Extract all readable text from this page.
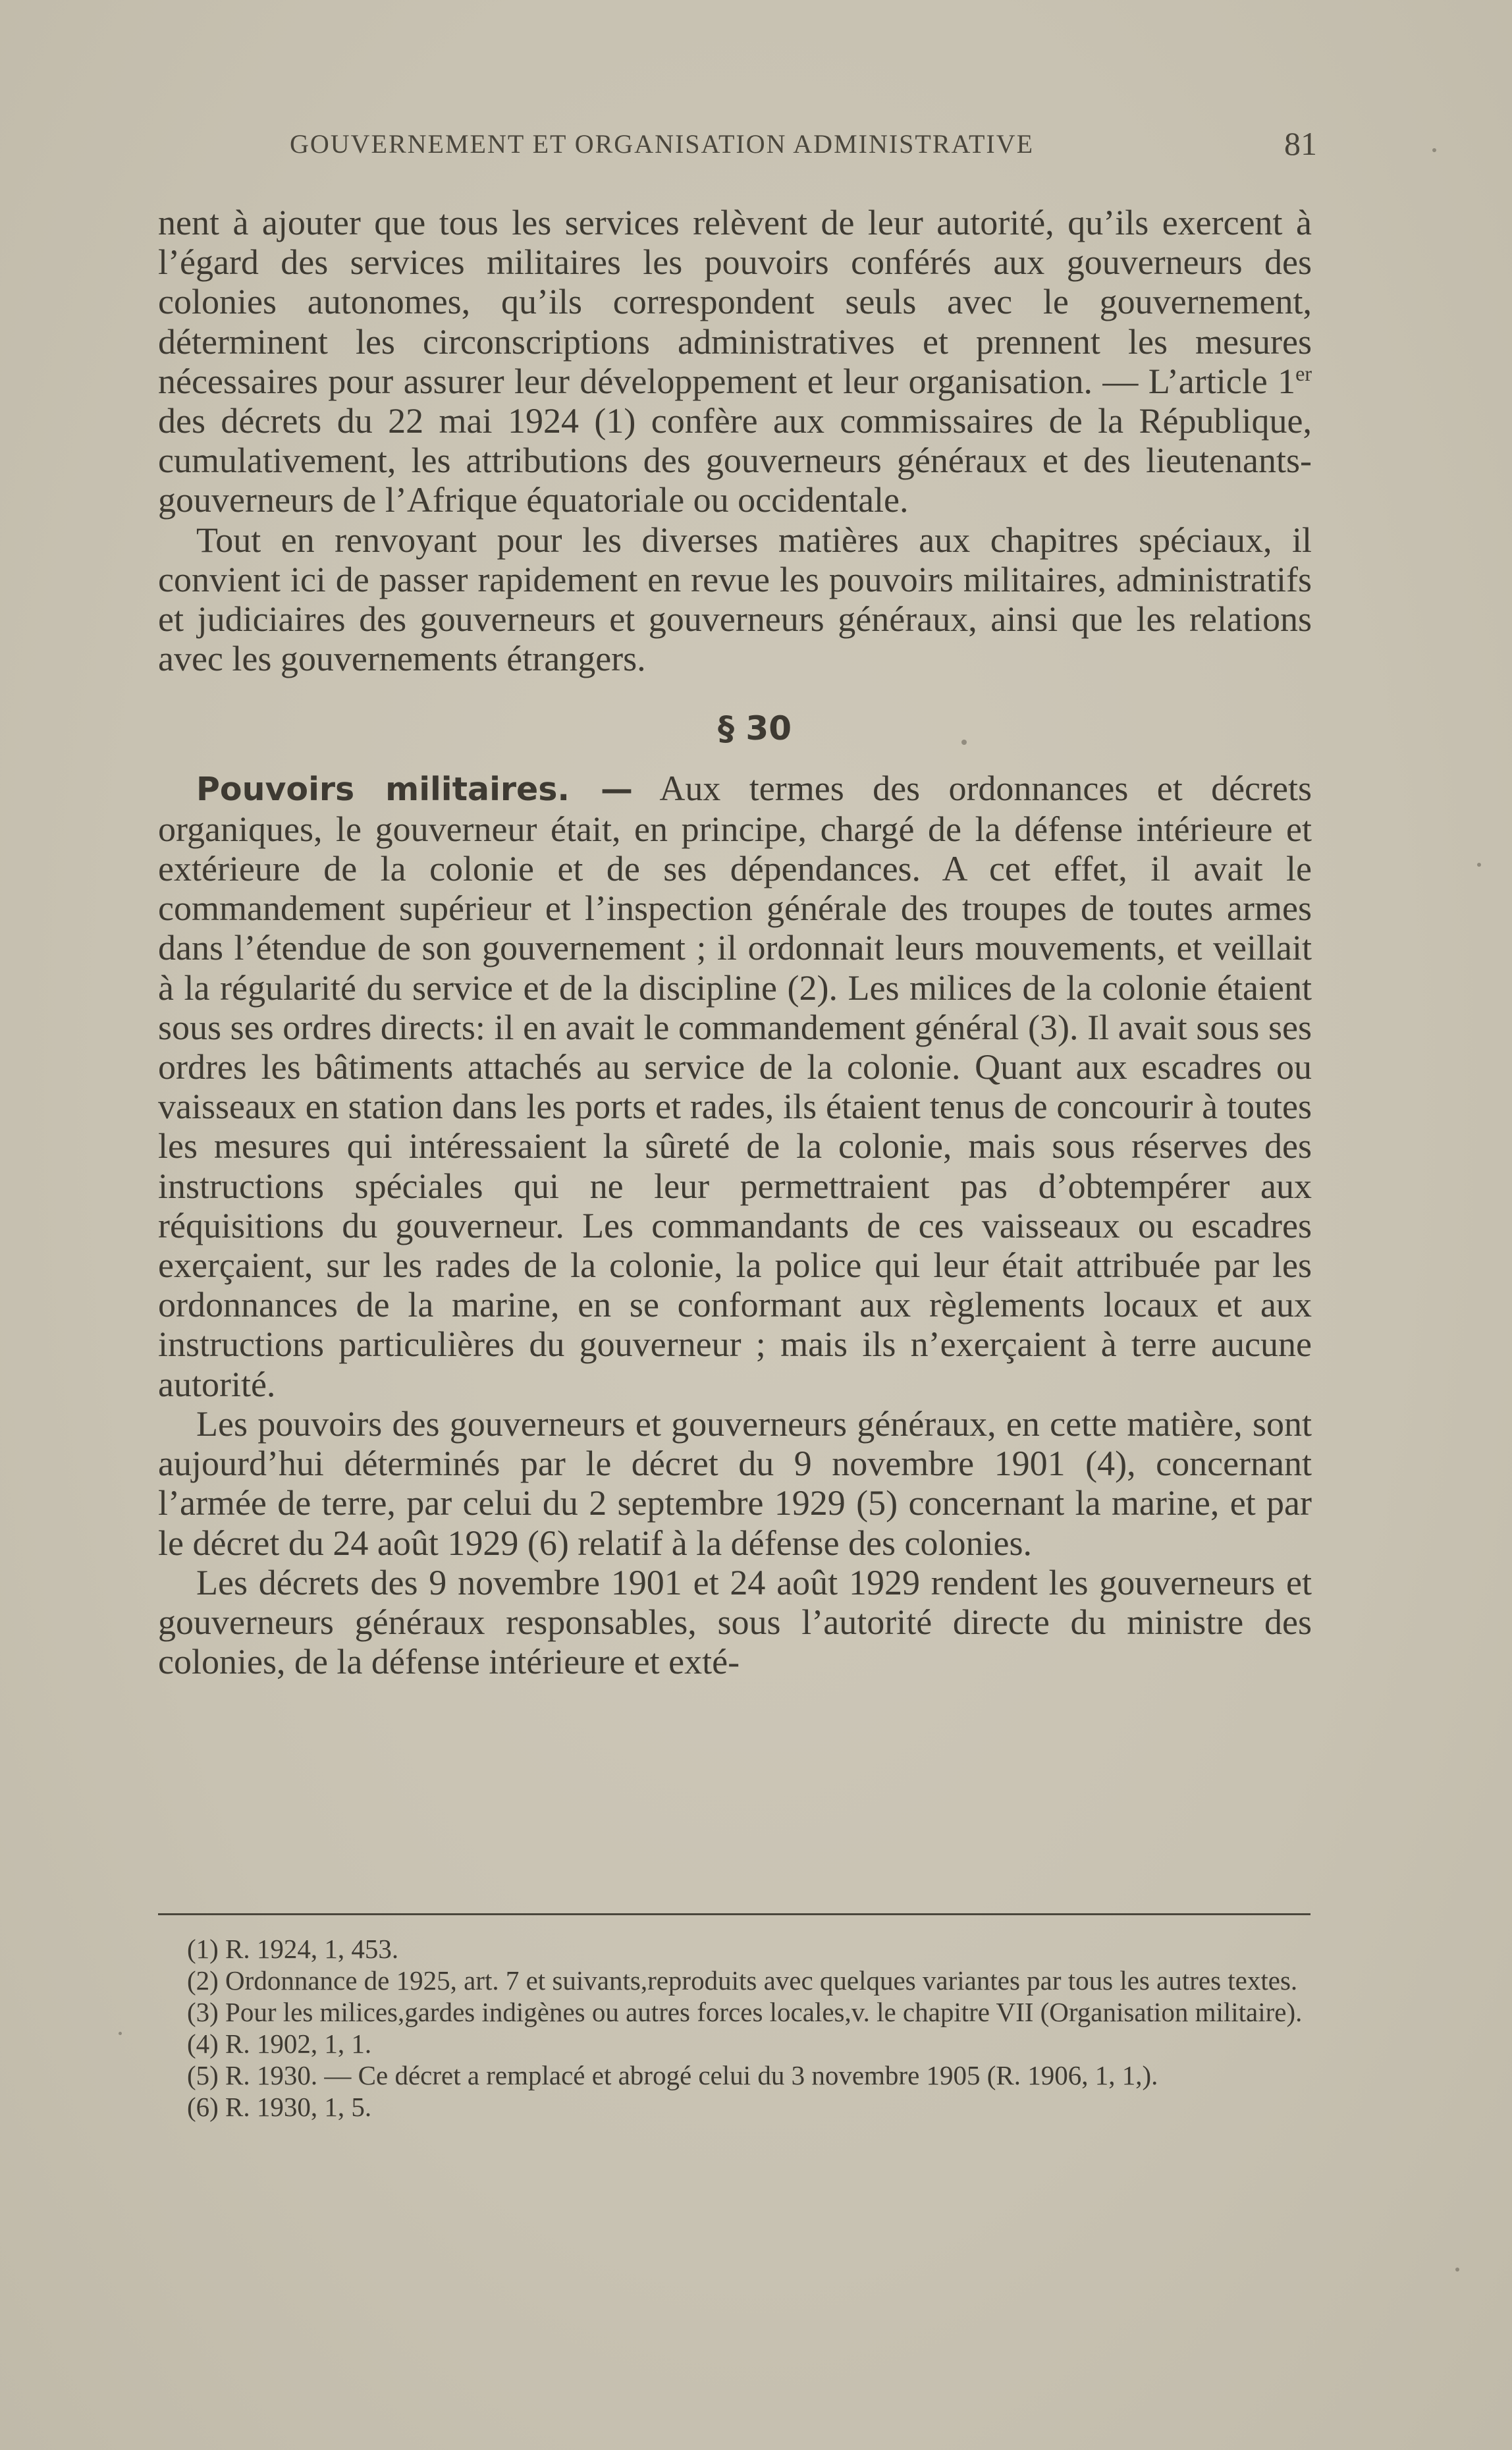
GOUVERNEMENT ET ORGANISATION ADMINISTRATIVE	81

nent à ajouter que tous les services relèvent de leur autorité, qu’ils exercent à l’égard des services militaires les pouvoirs conférés aux gouverneurs des colonies autonomes, qu’ils correspondent seuls avec le gouvernement, déterminent les circonscriptions administratives et prennent les mesures nécessaires pour assurer leur développement et leur organisation. — L’article 1er des décrets du 22 mai 1924 (1) confère aux commissaires de la République, cumulativement, les attributions des gouverneurs généraux et des lieutenants-gouverneurs de l’Afrique équatoriale ou occidentale.

Tout en renvoyant pour les diverses matières aux chapitres spéciaux, il convient ici de passer rapidement en revue les pouvoirs militaires, administratifs et judiciaires des gouverneurs et gouverneurs généraux, ainsi que les relations avec les gouvernements étrangers.

§ 30

Pouvoirs militaires. — Aux termes des ordonnances et décrets organiques, le gouverneur était, en principe, chargé de la défense intérieure et extérieure de la colonie et de ses dépendances. A cet effet, il avait le commandement supérieur et l’inspection générale des troupes de toutes armes dans l’étendue de son gouvernement ; il ordonnait leurs mouvements, et veillait à la régularité du service et de la discipline (2). Les milices de la colonie étaient sous ses ordres directs: il en avait le commandement général (3). Il avait sous ses ordres les bâtiments attachés au service de la colonie. Quant aux escadres ou vaisseaux en station dans les ports et rades, ils étaient tenus de concourir à toutes les mesures qui intéressaient la sûreté de la colonie, mais sous réserves des instructions spéciales qui ne leur permettraient pas d’obtempérer aux réquisitions du gouverneur. Les commandants de ces vaisseaux ou escadres exerçaient, sur les rades de la colonie, la police qui leur était attribuée par les ordonnances de la marine, en se conformant aux règlements locaux et aux instructions particulières du gouverneur ; mais ils n’exerçaient à terre aucune autorité.

Les pouvoirs des gouverneurs et gouverneurs généraux, en cette matière, sont aujourd’hui déterminés par le décret du 9 novembre 1901 (4), concernant l’armée de terre, par celui du 2 septembre 1929 (5) concernant la marine, et par le décret du 24 août 1929 (6) relatif à la défense des colonies.

Les décrets des 9 novembre 1901 et 24 août 1929 rendent les gouverneurs et gouverneurs généraux responsables, sous l’autorité directe du ministre des colonies, de la défense intérieure et exté-

(1) R. 1924, 1, 453.

(2) Ordonnance de 1925, art. 7 et suivants,reproduits avec quelques variantes par tous les autres textes.

(3) Pour les milices,gardes indigènes ou autres forces locales,v. le chapitre VII (Organisation militaire).

(4) R. 1902, 1, 1.

(5) R. 1930. — Ce décret a remplacé et abrogé celui du 3 novembre 1905 (R. 1906, 1, 1,).

(6) R. 1930, 1, 5.
